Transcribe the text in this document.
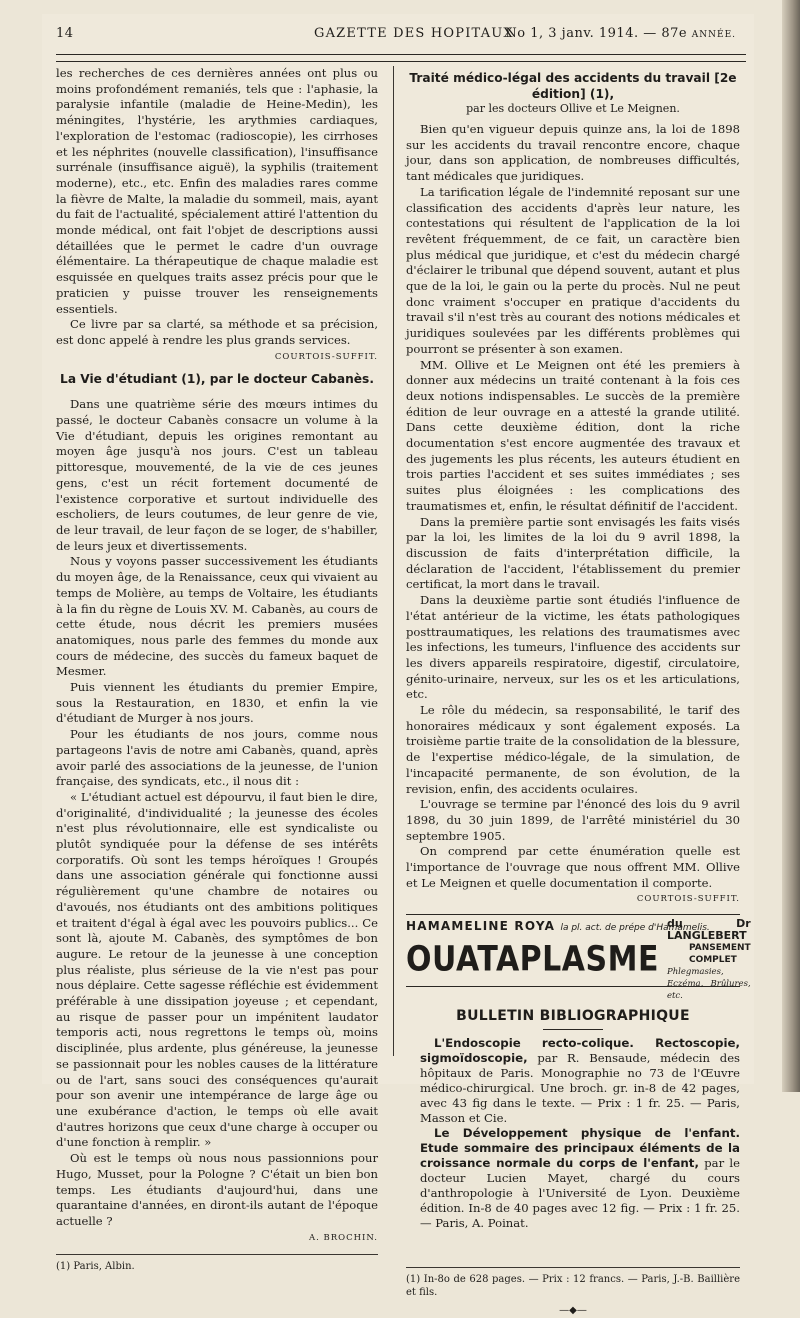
14	GAZETTE DES HOPITAUX
No 1, 3 janv. 1914. — 87e ANNÉE.

les recherches de ces dernières années ont plus ou moins profondément remaniés, tels que : l'aphasie, la paralysie infantile (maladie de Heine-Medin), les méningites, l'hystérie, les arythmies cardiaques, l'exploration de l'estomac (radioscopie), les cirrhoses et les néphrites (nouvelle classification), l'insuffisance surrénale (insuffisance aiguë), la syphilis (traitement moderne), etc., etc. Enfin des maladies rares comme la fièvre de Malte, la maladie du sommeil, mais, ayant du fait de l'actualité, spécialement attiré l'attention du monde médical, ont fait l'objet de descriptions aussi détaillées que le permet le cadre d'un ouvrage élémentaire. La thérapeutique de chaque maladie est esquissée en quelques traits assez précis pour que le praticien y puisse trouver les renseignements essentiels.

Ce livre par sa clarté, sa méthode et sa précision, est donc appelé à rendre les plus grands services.

COURTOIS-SUFFIT.
La Vie d'étudiant (1), par le docteur Cabanès.

Dans une quatrième série des mœurs intimes du passé, le docteur Cabanès consacre un volume à la Vie d'étudiant, depuis les origines remontant au moyen âge jusqu'à nos jours. C'est un tableau pittoresque, mouvementé, de la vie de ces jeunes gens, c'est un récit fortement documenté de l'existence corporative et surtout individuelle des escholiers, de leurs coutumes, de leur genre de vie, de leur travail, de leur façon de se loger, de s'habiller, de leurs jeux et divertissements.

Nous y voyons passer successivement les étudiants du moyen âge, de la Renaissance, ceux qui vivaient au temps de Molière, au temps de Voltaire, les étudiants à la fin du règne de Louis XV. M. Cabanès, au cours de cette étude, nous décrit les premiers musées anatomiques, nous parle des femmes du monde aux cours de médecine, des succès du fameux baquet de Mesmer.

Puis viennent les étudiants du premier Empire, sous la Restauration, en 1830, et enfin la vie d'étudiant de Murger à nos jours.

Pour les étudiants de nos jours, comme nous partageons l'avis de notre ami Cabanès, quand, après avoir parlé des associations de la jeunesse, de l'union française, des syndicats, etc., il nous dit :

« L'étudiant actuel est dépourvu, il faut bien le dire, d'originalité, d'individualité ; la jeunesse des écoles n'est plus révolutionnaire, elle est syndicaliste ou plutôt syndiquée pour la défense de ses intérêts corporatifs. Où sont les temps héroïques ! Groupés dans une association générale qui fonctionne aussi régulièrement qu'une chambre de notaires ou d'avoués, nos étudiants ont des ambitions politiques et traitent d'égal à égal avec les pouvoirs publics... Ce sont là, ajoute M. Cabanès, des symptômes de bon augure. Le retour de la jeunesse à une conception plus réaliste, plus sérieuse de la vie n'est pas pour nous déplaire. Cette sagesse réfléchie est évidemment préférable à une dissipation joyeuse ; et cependant, au risque de passer pour un impénitent laudator temporis acti, nous regrettons le temps où, moins disciplinée, plus ardente, plus généreuse, la jeunesse se passionnait pour les nobles causes de la littérature ou de l'art, sans souci des conséquences qu'aurait pour son avenir une intempérance de large âge ou une exubérance d'action, le temps où elle avait d'autres horizons que ceux d'une charge à occuper ou d'une fonction à remplir. »

Où est le temps où nous nous passionnions pour Hugo, Musset, pour la Pologne ? C'était un bien bon temps. Les étudiants d'aujourd'hui, dans une quarantaine d'années, en diront-ils autant de l'époque actuelle ?

A. BROCHIN.

(1) Paris, Albin.

Traité médico-légal des accidents du travail [2e édition] (1),
par les docteurs Ollive et Le Meignen.

Bien qu'en vigueur depuis quinze ans, la loi de 1898 sur les accidents du travail rencontre encore, chaque jour, dans son application, de nombreuses difficultés, tant médicales que juridiques.

La tarification légale de l'indemnité reposant sur une classification des accidents d'après leur nature, les contestations qui résultent de l'application de la loi revêtent fréquemment, de ce fait, un caractère bien plus médical que juridique, et c'est du médecin chargé d'éclairer le tribunal que dépend souvent, autant et plus que de la loi, le gain ou la perte du procès. Nul ne peut donc vraiment s'occuper en pratique d'accidents du travail s'il n'est très au courant des notions médicales et juridiques soulevées par les différents problèmes qui pourront se présenter à son examen.

MM. Ollive et Le Meignen ont été les premiers à donner aux médecins un traité contenant à la fois ces deux notions indispensables. Le succès de la première édition de leur ouvrage en a attesté la grande utilité. Dans cette deuxième édition, dont la riche documentation s'est encore augmentée des travaux et des jugements les plus récents, les auteurs étudient en trois parties l'accident et ses suites immédiates ; ses suites plus éloignées : les complications des traumatismes et, enfin, le résultat définitif de l'accident.

Dans la première partie sont envisagés les faits visés par la loi, les limites de la loi du 9 avril 1898, la discussion de faits d'interprétation difficile, la déclaration de l'accident, l'établissement du premier certificat, la mort dans le travail.

Dans la deuxième partie sont étudiés l'influence de l'état antérieur de la victime, les états pathologiques posttraumatiques, les relations des traumatismes avec les infections, les tumeurs, l'influence des accidents sur les divers appareils respiratoire, digestif, circulatoire, génito-urinaire, nerveux, sur les os et les articulations, etc.

Le rôle du médecin, sa responsabilité, le tarif des honoraires médicaux y sont également exposés. La troisième partie traite de la consolidation de la blessure, de l'expertise médico-légale, de la simulation, de l'incapacité permanente, de son évolution, de la revision, enfin, des accidents oculaires.

L'ouvrage se termine par l'énoncé des lois du 9 avril 1898, du 30 juin 1899, de l'arrêté ministériel du 30 septembre 1905.

On comprend par cette énumération quelle est l'importance de l'ouvrage que nous offrent MM. Ollive et Le Meignen et quelle documentation il comporte.

COURTOIS-SUFFIT.
HAMAMELINE ROYA la pl. act. de prépe d'Hamamelis.
OUATAPLASME
du Dr LANGLEBERT
PANSEMENT COMPLET
Phlegmasies, Eczéma, Brûlures, etc.
BULLETIN BIBLIOGRAPHIQUE

L'Endoscopie recto-colique. Rectoscopie, sigmoïdoscopie, par R. Bensaude, médecin des hôpitaux de Paris. Monographie no 73 de l'Œuvre médico-chirurgical. Une broch. gr. in-8 de 42 pages, avec 43 fig dans le texte. — Prix : 1 fr. 25. — Paris, Masson et Cie.

Le Développement physique de l'enfant. Etude sommaire des principaux éléments de la croissance normale du corps de l'enfant, par le docteur Lucien Mayet, chargé du cours d'anthropologie à l'Université de Lyon. Deuxième édition. In-8 de 40 pages avec 12 fig. — Prix : 1 fr. 25. — Paris, A. Poinat.

(1) In-8o de 628 pages. — Prix : 12 francs. — Paris, J.-B. Baillière et fils.

—◆—
